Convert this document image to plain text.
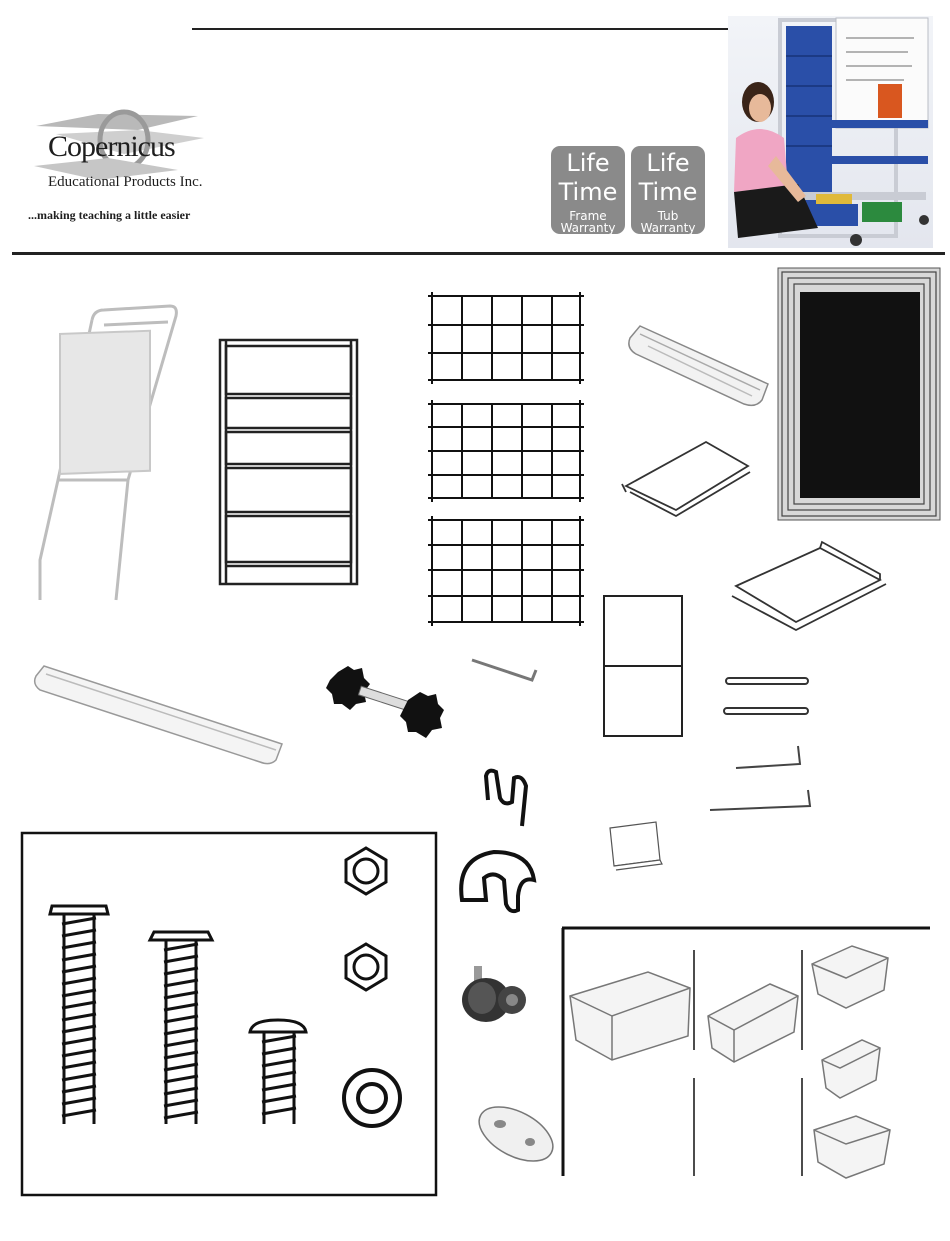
Copernicus
Educational Products Inc.
...making teaching a little easier
Life
Time
Frame
Warranty
Life
Time
Tub
Warranty
